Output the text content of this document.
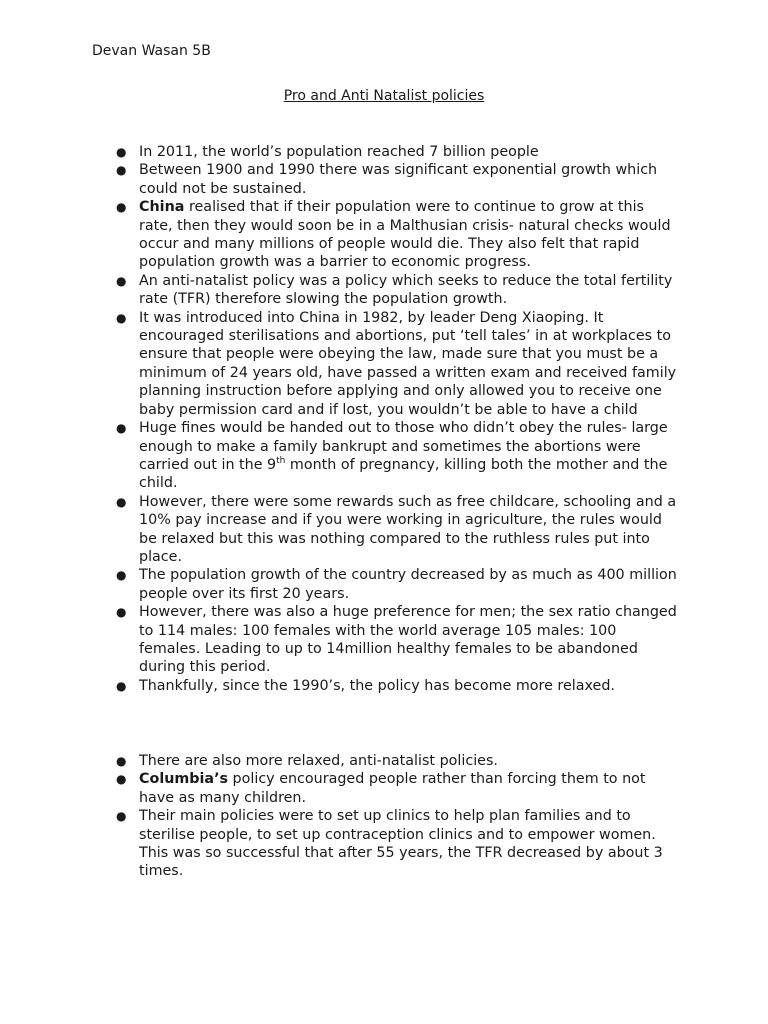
Devan Wasan 5B
Pro and Anti Natalist policies
● In 2011, the world’s population reached 7 billion people
● Between 1900 and 1990 there was significant exponential growth which could not be sustained.
● China realised that if their population were to continue to grow at this rate, then they would soon be in a Malthusian crisis- natural checks would occur and many millions of people would die. They also felt that rapid population growth was a barrier to economic progress.
● An anti-natalist policy was a policy which seeks to reduce the total fertility rate (TFR) therefore slowing the population growth.
● It was introduced into China in 1982, by leader Deng Xiaoping. It encouraged sterilisations and abortions, put ‘tell tales’ in at workplaces to ensure that people were obeying the law, made sure that you must be a minimum of 24 years old, have passed a written exam and received family planning instruction before applying and only allowed you to receive one baby permission card and if lost, you wouldn’t be able to have a child
● Huge fines would be handed out to those who didn’t obey the rules- large enough to make a family bankrupt and sometimes the abortions were carried out in the 9th month of pregnancy, killing both the mother and the child.
● However, there were some rewards such as free childcare, schooling and a 10% pay increase and if you were working in agriculture, the rules would be relaxed but this was nothing compared to the ruthless rules put into place.
● The population growth of the country decreased by as much as 400 million people over its first 20 years.
● However, there was also a huge preference for men; the sex ratio changed to 114 males: 100 females with the world average 105 males: 100 females. Leading to up to 14million healthy females to be abandoned during this period.
● Thankfully, since the 1990’s, the policy has become more relaxed.
● There are also more relaxed, anti-natalist policies.
● Columbia’s policy encouraged people rather than forcing them to not have as many children.
● Their main policies were to set up clinics to help plan families and to sterilise people, to set up contraception clinics and to empower women. This was so successful that after 55 years, the TFR decreased by about 3 times.
